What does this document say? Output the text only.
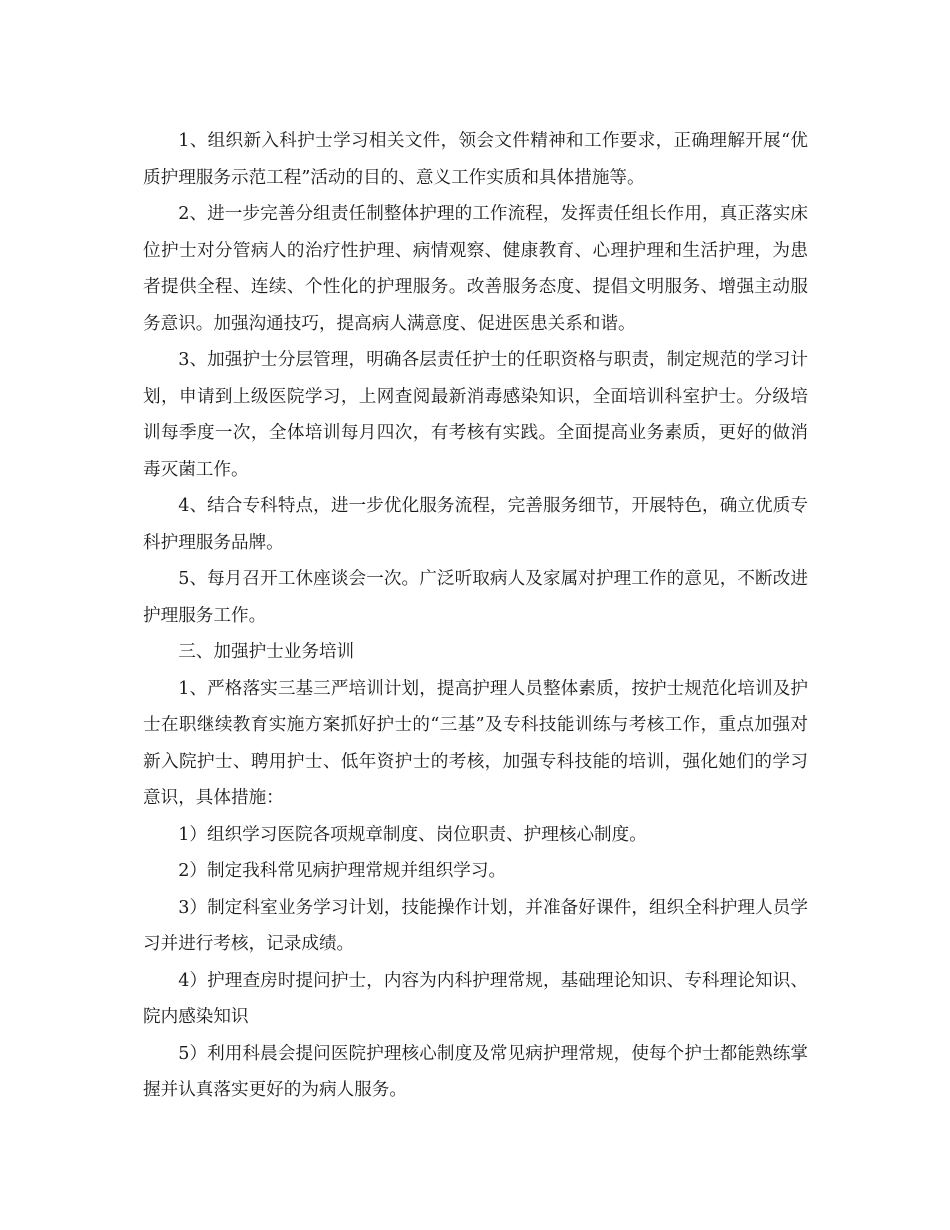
1、组织新入科护士学习相关文件，领会文件精神和工作要求，正确理解开展“优质护理服务示范工程”活动的目的、意义工作实质和具体措施等。

2、进一步完善分组责任制整体护理的工作流程，发挥责任组长作用，真正落实床位护士对分管病人的治疗性护理、病情观察、健康教育、心理护理和生活护理，为患者提供全程、连续、个性化的护理服务。改善服务态度、提倡文明服务、增强主动服务意识。加强沟通技巧，提高病人满意度、促进医患关系和谐。

3、加强护士分层管理，明确各层责任护士的任职资格与职责，制定规范的学习计划，申请到上级医院学习，上网查阅最新消毒感染知识，全面培训科室护士。分级培训每季度一次，全体培训每月四次，有考核有实践。全面提高业务素质，更好的做消毒灭菌工作。

4、结合专科特点，进一步优化服务流程，完善服务细节，开展特色，确立优质专科护理服务品牌。

5、每月召开工休座谈会一次。广泛听取病人及家属对护理工作的意见，不断改进护理服务工作。

三、加强护士业务培训

1、严格落实三基三严培训计划，提高护理人员整体素质，按护士规范化培训及护士在职继续教育实施方案抓好护士的“三基”及专科技能训练与考核工作，重点加强对新入院护士、聘用护士、低年资护士的考核，加强专科技能的培训，强化她们的学习意识，具体措施：

1）组织学习医院各项规章制度、岗位职责、护理核心制度。

2）制定我科常见病护理常规并组织学习。

3）制定科室业务学习计划，技能操作计划，并准备好课件，组织全科护理人员学习并进行考核，记录成绩。

4）护理查房时提问护士，内容为内科护理常规，基础理论知识、专科理论知识、院内感染知识

5）利用科晨会提问医院护理核心制度及常见病护理常规，使每个护士都能熟练掌握并认真落实更好的为病人服务。
